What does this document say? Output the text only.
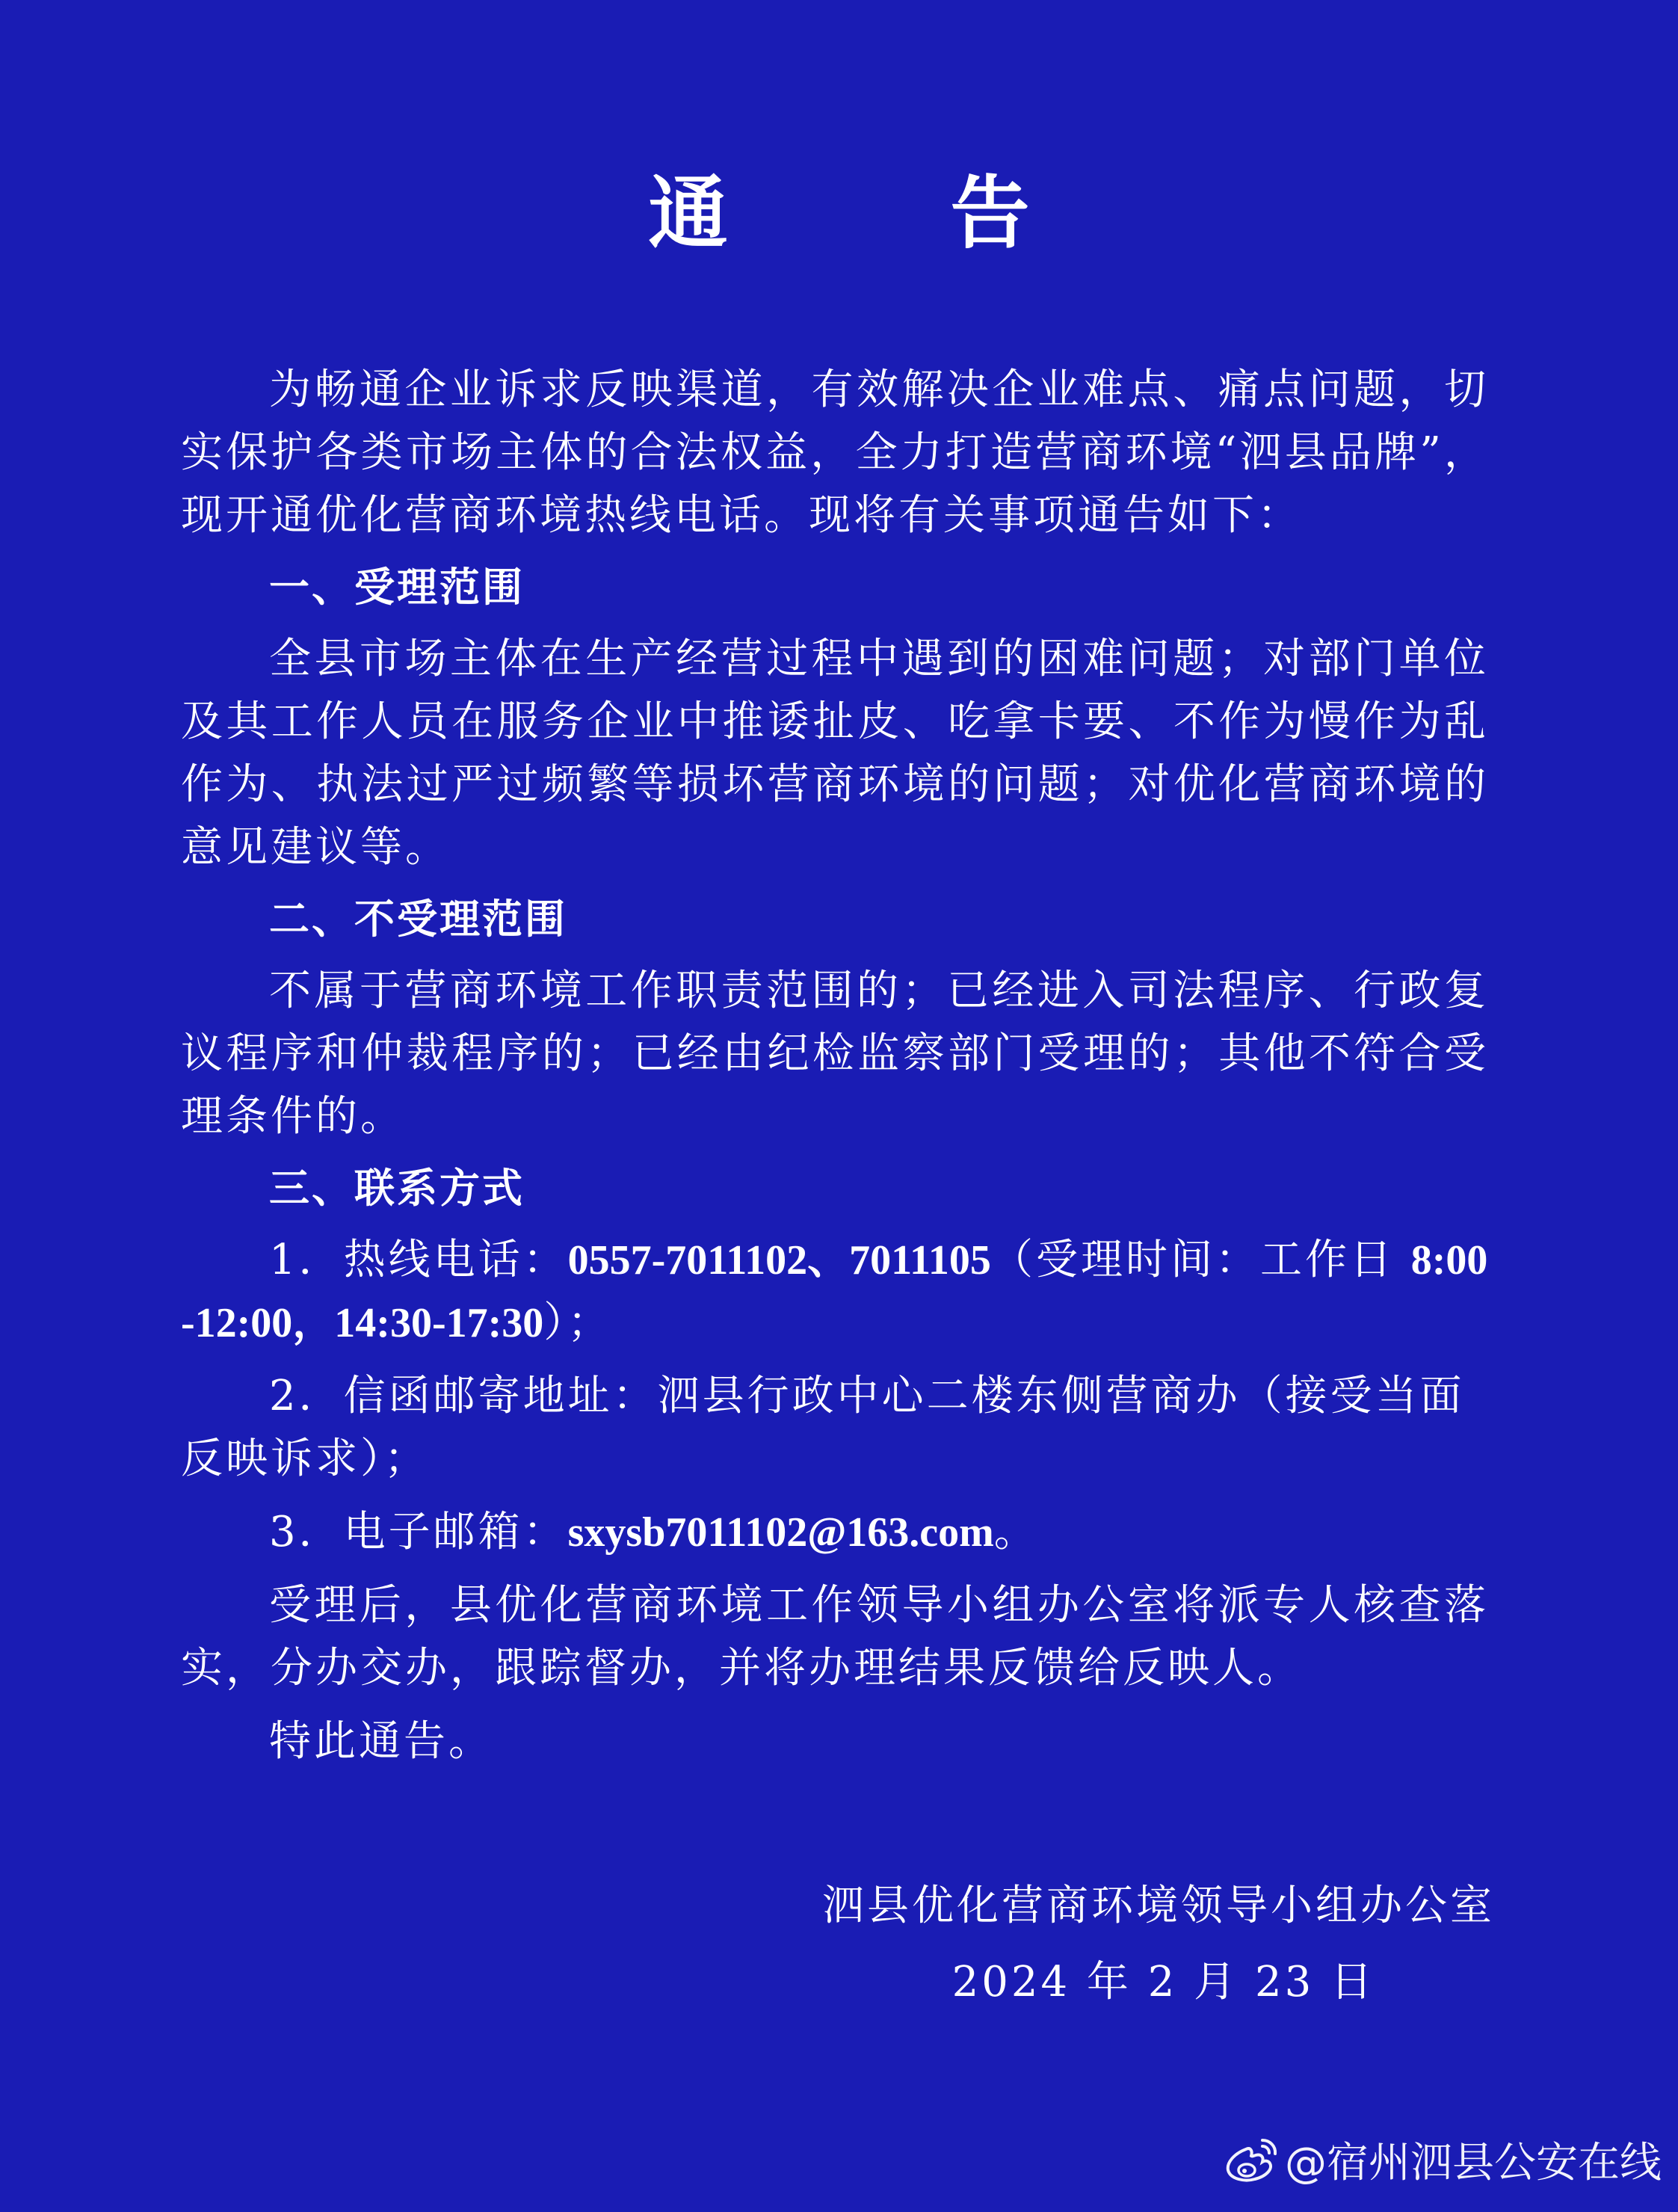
通　告

为畅通企业诉求反映渠道，有效解决企业难点、痛点问题，切实保护各类市场主体的合法权益，全力打造营商环境“泗县品牌”，现开通优化营商环境热线电话。现将有关事项通告如下：

一、受理范围

全县市场主体在生产经营过程中遇到的困难问题；对部门单位及其工作人员在服务企业中推诿扯皮、吃拿卡要、不作为慢作为乱作为、执法过严过频繁等损坏营商环境的问题；对优化营商环境的意见建议等。

二、不受理范围

不属于营商环境工作职责范围的；已经进入司法程序、行政复议程序和仲裁程序的；已经由纪检监察部门受理的；其他不符合受理条件的。

三、联系方式

1．热线电话：0557-7011102、7011105（受理时间：工作日 8:00-12:00，14:30-17:30）；

2．信函邮寄地址：泗县行政中心二楼东侧营商办（接受当面反映诉求）；

3．电子邮箱：sxysb7011102@163.com。

受理后，县优化营商环境工作领导小组办公室将派专人核查落实，分办交办，跟踪督办，并将办理结果反馈给反映人。

特此通告。

泗县优化营商环境领导小组办公室
2024 年 2 月 23 日
@宿州泗县公安在线
